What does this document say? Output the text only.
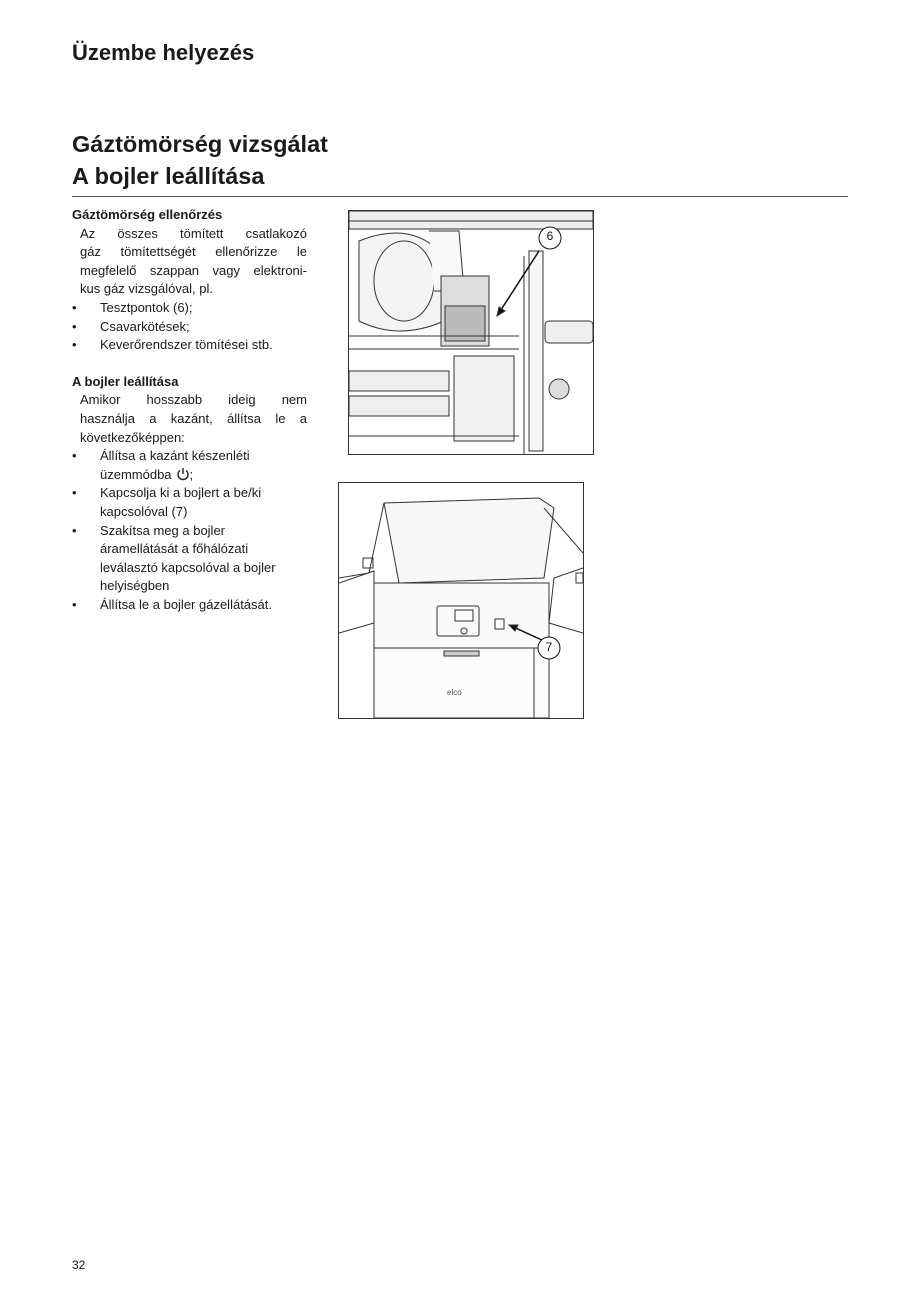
Üzembe helyezés
Gáztömörség vizsgálat
A bojler leállítása
Gáztömörség ellenőrzés
Az összes tömített csatlakozó
gáz tömítettségét ellenőrizze le
megfelelő szappan vagy elektroni-
kus gáz vizsgálóval, pl.
• Tesztpontok (6);
• Csavarkötések;
• Keverőrendszer tömítései stb.
A bojler leállítása
Amikor hosszabb ideig nem
használja a kazánt, állítsa le a
következőképpen:
• Állítsa a kazánt készenléti
üzemmódba ;
• Kapcsolja ki a bojlert a be/ki
kapcsolóval (7)
• Szakítsa meg a bojler
áramellátását a főhálózati
leválasztó kapcsolóval a bojler
helyiségben
• Állítsa le a bojler gázellátását.
6
7
elco
32
